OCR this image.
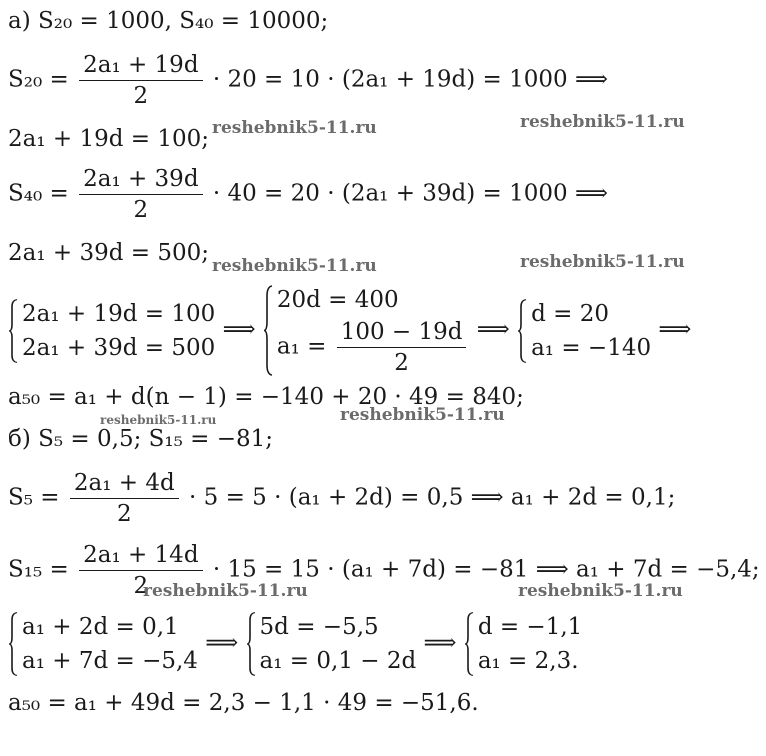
а) S₂₀ = 1000, S₄₀ = 10000;
$S_{20} = \frac{\text{2a₁ + 19d}}{2} \cdot 20 = 10 \cdot (2a_1 + 19d) = 1000$ ⟹
2a₁ + 19d = 100;
$S_{40} = \frac{\text{2a₁ + 39d}}{2} \cdot 40 = 20 \cdot (2a_1 + 39d) = 1000$ ⟹
2a₁ + 39d = 500;
2a₁ + 19d = 100
2a₁ + 39d = 500
⟹
20d = 400
$a_1 = \frac{100 - 19d}{2}$ ⟹
d = 20
a₁ = −140
⟹
a₅₀ = a₁ + d(n − 1) = −140 + 20 · 49 = 840;
б) S₅ = 0,5; S₁₅ = −81;
$S_5 = \frac{\text{2a₁ + 4d}}{2} \cdot 5 = 5 \cdot (a_1 + 2d) = 0,5$ ⟹ a₁ + 2d = 0,1;
$S_{15} = \frac{\text{2a₁ + 14d}}{2} \cdot 15 = 15 \cdot (a_1 + 7d) = -81$ ⟹ a₁ + 7d = −5,4;
a₁ + 2d = 0,1
a₁ + 7d = −5,4
⟹
5d = −5,5
a₁ = 0,1 − 2d
⟹
d = −1,1
a₁ = 2,3.
a₅₀ = a₁ + 49d = 2,3 − 1,1 · 49 = −51,6.
reshebnik5-11.ru	reshebnik5-11.ru
reshebnik5-11.ru	reshebnik5-11.ru
reshebnik5-11.ru	reshebnik5-11.ru
reshebnik5-11.ru	reshebnik5-11.ru
